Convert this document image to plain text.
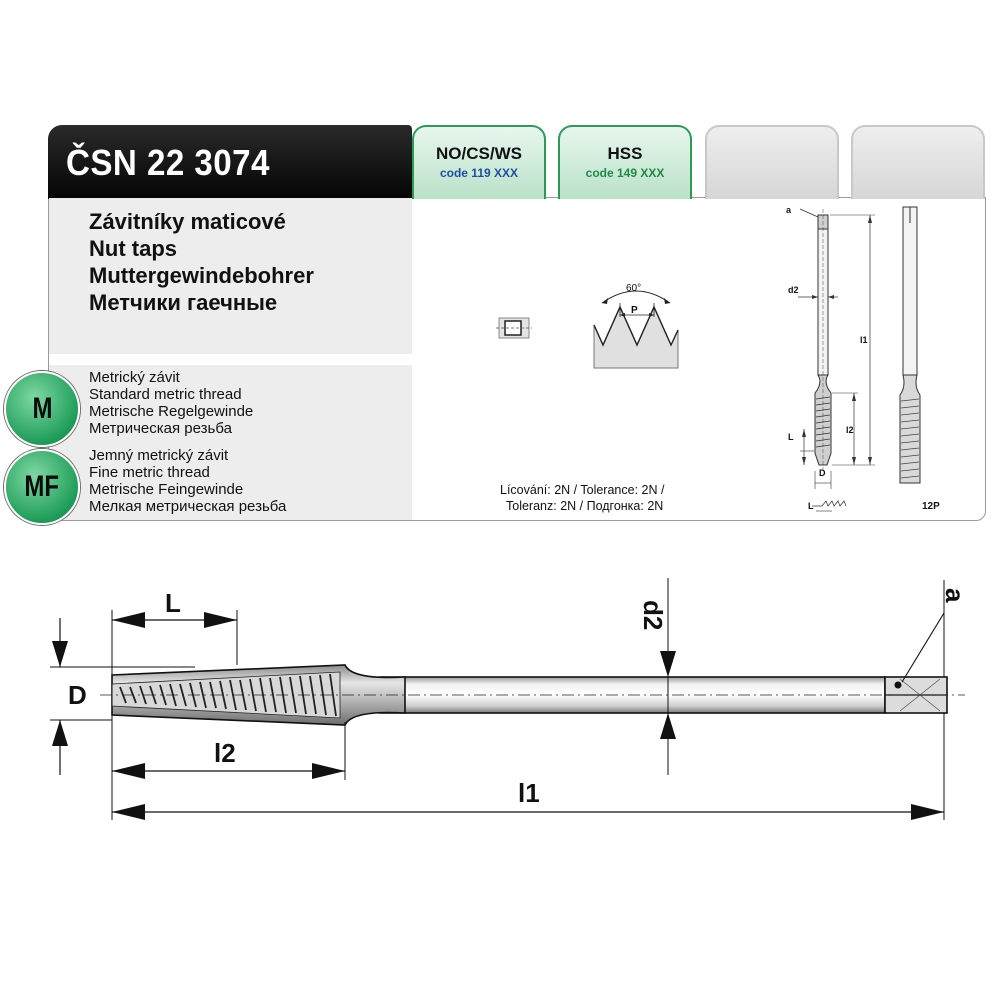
ČSN 22 3074	NO/CS/WS
code 119 XXX
HSS
code 149 XXX
Závitníky maticové
Nut taps
Muttergewindebohrer
Метчики гаечные
Metrický závit
Standard metric thread
Metrische Regelgewinde
Метрическая резьба
Jemný metrický závit
Fine metric thread
Metrische Feingewinde
Мелкая метрическая резьба
Lícování: 2N / Tolerance: 2N /
Toleranz: 2N / Подгонка: 2N
60°
P
a
d2
l1
l2
L
D
L	12P
M
MF
L
D
l2
l1
d2
a
